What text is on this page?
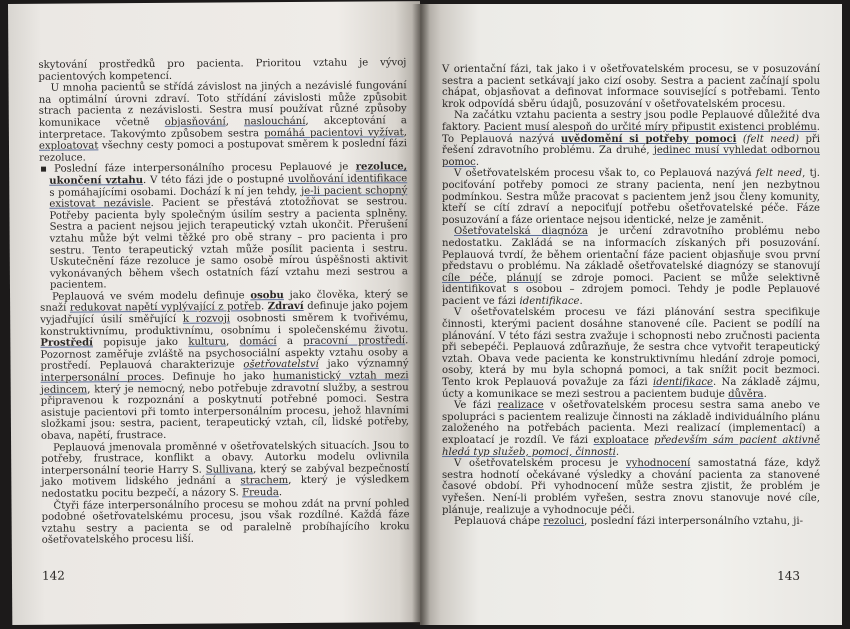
skytování prostředků pro pacienta. Prioritou vztahu je vývoj pacientových kompetencí.

U mnoha pacientů se střídá závislost na jiných a nezávislé fungování na optimální úrovni zdraví. Toto střídání závislosti může způsobit strach pacienta z nezávislosti. Sestra musí používat různé způsoby komunikace včetně objasňování, naslouchání, akceptování a interpretace. Takovýmto způsobem sestra pomáhá pacientovi vyžívat, exploatovat všechny cesty pomoci a postupovat směrem k poslední fázi rezoluce.

▪ Poslední fáze interpersonálního procesu Peplauové je rezoluce, ukončení vztahu. V této fázi jde o postupné uvolňování identifikace s pomáhajícími osobami. Dochází k ní jen tehdy, je-li pacient schopný existovat nezávisle. Pacient se přestává ztotožňovat se sestrou. Potřeby pacienta byly společným úsilím sestry a pacienta splněny. Sestra a pacient nejsou jejich terapeutický vztah ukončit. Přerušení vztahu může být velmi těžké pro obě strany – pro pacienta i pro sestru. Tento terapeutický vztah může posílit pacienta i sestru. Uskutečnění fáze rezoluce je samo osobě mírou úspěšnosti aktivit vykonávaných během všech ostatních fází vztahu mezi sestrou a pacientem.

Peplauová ve svém modelu definuje osobu jako člověka, který se snaží redukovat napětí vyplývající z potřeb. Zdraví definuje jako pojem vyjadřující úsilí směřující k rozvoji osobnosti směrem k tvořivému, konstruktivnímu, produktivnímu, osobnímu i společenskému životu. Prostředí popisuje jako kulturu, domácí a pracovní prostředí. Pozornost zaměřuje zvláště na psychosociální aspekty vztahu osoby a prostředí. Peplauová charakterizuje ošetřovatelství jako významný interpersonální proces. Definuje ho jako humanistický vztah mezi jedincem, který je nemocný, nebo potřebuje zdravotní služby, a sestrou připravenou k rozpoznání a poskytnutí potřebné pomoci. Sestra asistuje pacientovi při tomto interpersonálním procesu, jehož hlavními složkami jsou: sestra, pacient, terapeutický vztah, cíl, lidské potřeby, obava, napětí, frustrace.

Peplauová jmenovala proměnné v ošetřovatelských situacích. Jsou to potřeby, frustrace, konflikt a obavy. Autorku modelu ovlivnila interpersonální teorie Harry S. Sullivana, který se zabýval bezpečností jako motivem lidského jednání a strachem, který je výsledkem nedostatku pocitu bezpečí, a názory S. Freuda.

Čtyři fáze interpersonálního procesu se mohou zdát na první pohled podobné ošetřovatelskému procesu, jsou však rozdílné. Každá fáze vztahu sestry a pacienta se od paralelně probíhajícího kroku ošetřovatelského procesu liší.

142

V orientační fázi, tak jako i v ošetřovatelském procesu, se v posuzování sestra a pacient setkávají jako cizí osoby. Sestra a pacient začínají spolu chápat, objasňovat a definovat informace související s potřebami. Tento krok odpovídá sběru údajů, posuzování v ošetřovatelském procesu.

Na začátku vztahu pacienta a sestry jsou podle Peplauové důležité dva faktory. Pacient musí alespoň do určité míry připustit existenci problému. To Peplauová nazývá uvědomění si potřeby pomoci (felt need) při řešení zdravotního problému. Za druhé, jedinec musí vyhledat odbornou pomoc.

V ošetřovatelském procesu však to, co Peplauová nazývá felt need, tj. pociťování potřeby pomoci ze strany pacienta, není jen nezbytnou podmínkou. Sestra může pracovat s pacientem jenž jsou členy komunity, kteří se cítí zdraví a nepociťují potřebu ošetřovatelské péče. Fáze posuzování a fáze orientace nejsou identické, nelze je zaměnit.

Ošetřovatelská diagnóza je určení zdravotního problému nebo nedostatku. Zakládá se na informacích získaných při posuzování. Peplauová tvrdí, že během orientační fáze pacient objasňuje svou první představu o problému. Na základě ošetřovatelské diagnózy se stanovují cíle péče, plánují se zdroje pomoci. Pacient se může selektivně identifikovat s osobou – zdrojem pomoci. Tehdy je podle Peplauové pacient ve fázi identifikace.

V ošetřovatelském procesu ve fázi plánování sestra specifikuje činnosti, kterými pacient dosáhne stanovené cíle. Pacient se podílí na plánování. V této fázi sestra zvažuje i schopnosti nebo zručnosti pacienta při sebepéči. Peplauová zdůrazňuje, že sestra chce vytvořit terapeutický vztah. Obava vede pacienta ke konstruktivnímu hledání zdroje pomoci, osoby, která by mu byla schopná pomoci, a tak snížit pocit bezmoci. Tento krok Peplauová považuje za fázi identifikace. Na základě zájmu, úcty a komunikace se mezi sestrou a pacientem buduje důvěra.

Ve fázi realizace v ošetřovatelském procesu sestra sama anebo ve spolupráci s pacientem realizuje činnosti na základě individuálního plánu založeného na potřebách pacienta. Mezi realizací (implementací) a exploatací je rozdíl. Ve fázi exploatace především sám pacient aktivně hledá typ služeb, pomoci, činnosti.

V ošetřovatelském procesu je vyhodnocení samostatná fáze, když sestra hodnotí očekávané výsledky a chování pacienta za stanovené časové období. Při vyhodnocení může sestra zjistit, že problém je vyřešen. Není-li problém vyřešen, sestra znovu stanovuje nové cíle, plánuje, realizuje a vyhodnocuje péči.

Peplauová chápe rezoluci, poslední fázi interpersonálního vztahu, ji-

143
